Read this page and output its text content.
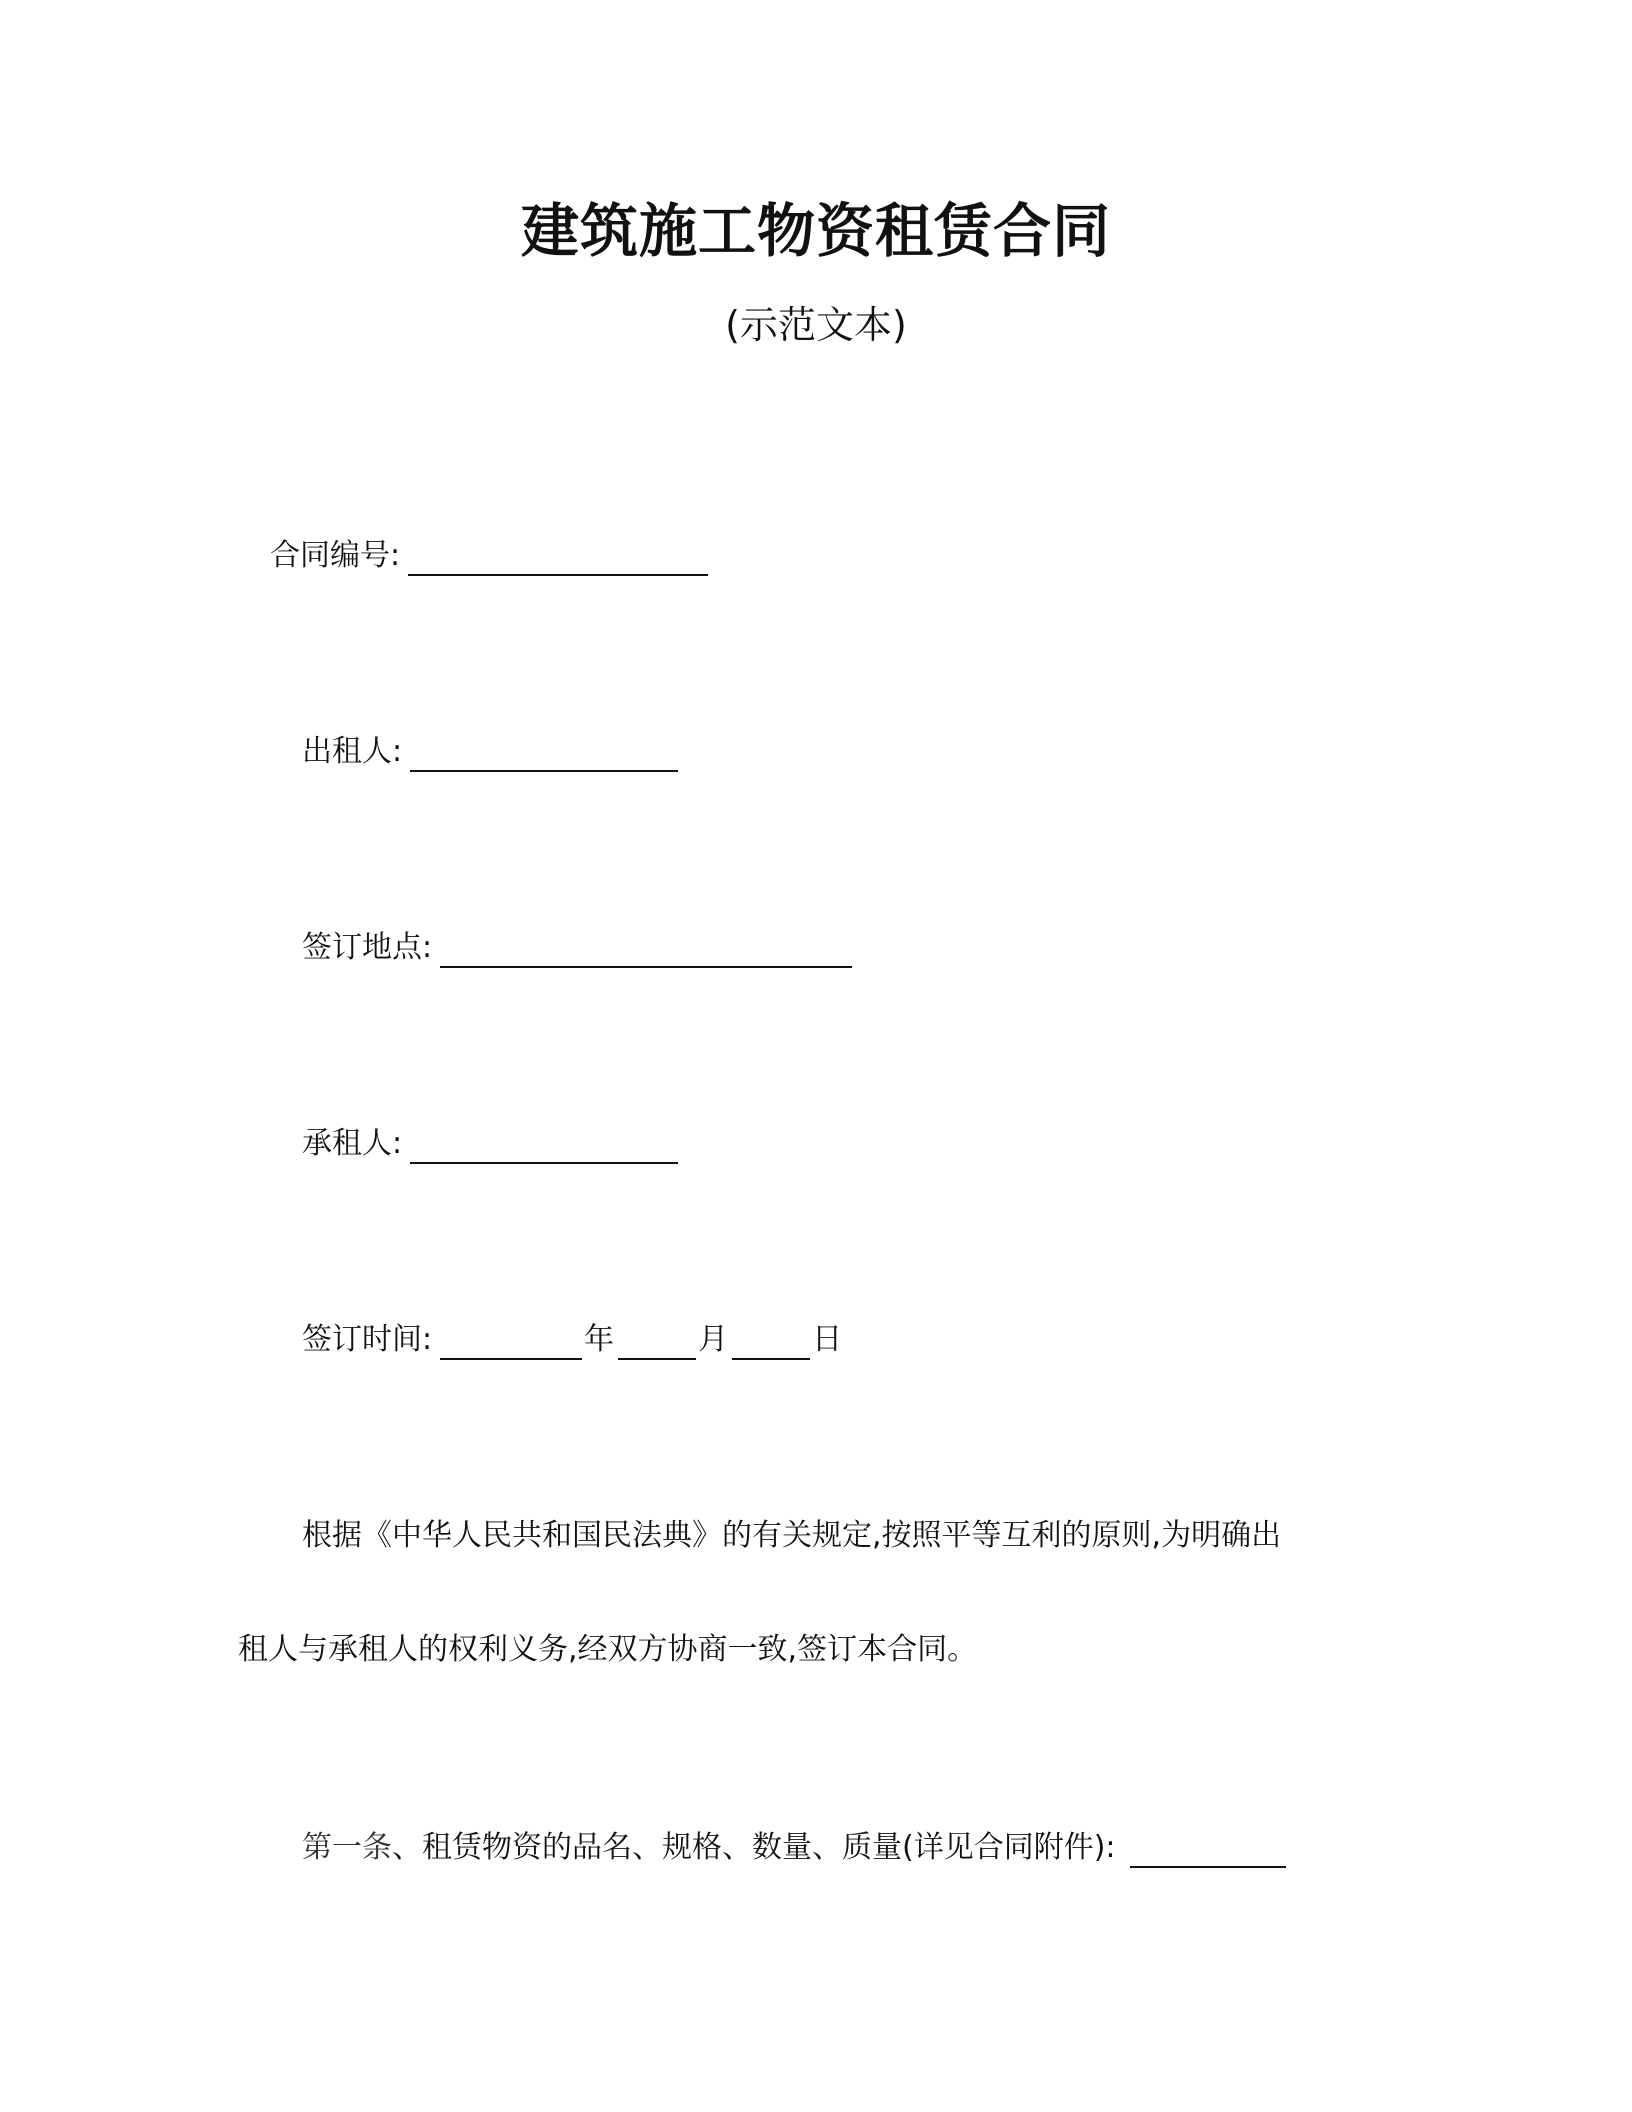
建筑施工物资租赁合同
(示范文本)
合同编号:
出租人:
签订地点:
承租人:
签订时间:	年	月	日
根据《中华人民共和国民法典》的有关规定,按照平等互利的原则,为明确出
租人与承租人的权利义务,经双方协商一致,签订本合同。
第一条 、租赁物资的品名、规格、数量、质量(详见合同附件):
